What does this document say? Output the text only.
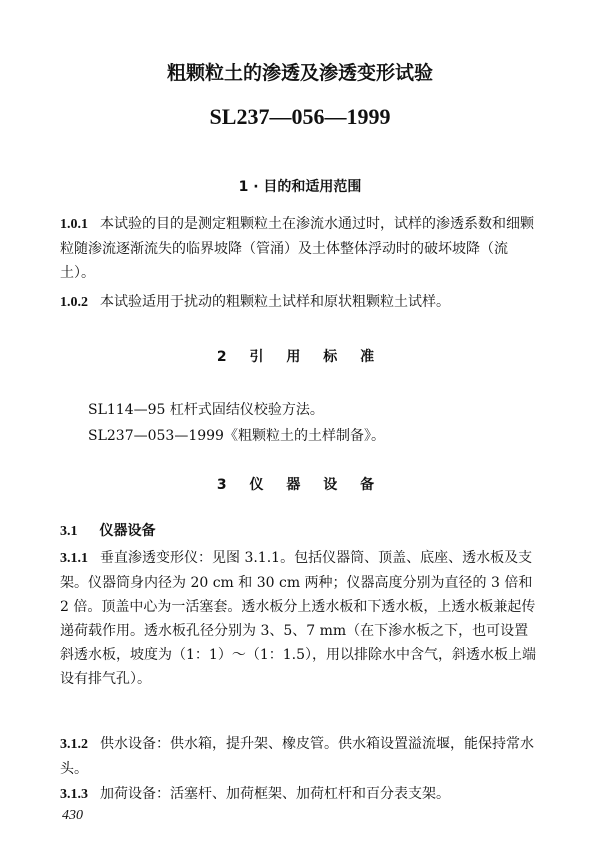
粗颗粒土的渗透及渗透变形试验
SL237—056—1999
1 · 目的和适用范围
1.0.1 本试验的目的是测定粗颗粒土在渗流水通过时，试样的渗透系数和细颗粒随渗流逐渐流失的临界坡降（管涌）及土体整体浮动时的破坏坡降（流土）。
1.0.2 本试验适用于扰动的粗颗粒土试样和原状粗颗粒土试样。
2 引 用 标 准
SL114—95 杠杆式固结仪校验方法。
SL237—053—1999《粗颗粒土的土样制备》。
3 仪 器 设 备
3.1 仪器设备
3.1.1 垂直渗透变形仪：见图 3.1.1。包括仪器筒、顶盖、底座、透水板及支架。仪器筒身内径为 20 cm 和 30 cm 两种；仪器高度分别为直径的 3 倍和 2 倍。顶盖中心为一活塞套。透水板分上透水板和下透水板，上透水板兼起传递荷载作用。透水板孔径分别为 3、5、7 mm（在下渗水板之下，也可设置斜透水板，坡度为（1：1）～（1：1.5），用以排除水中含气，斜透水板上端设有排气孔）。
3.1.2 供水设备：供水箱，提升架、橡皮管。供水箱设置溢流堰，能保持常水头。
3.1.3 加荷设备：活塞杆、加荷框架、加荷杠杆和百分表支架。
430
